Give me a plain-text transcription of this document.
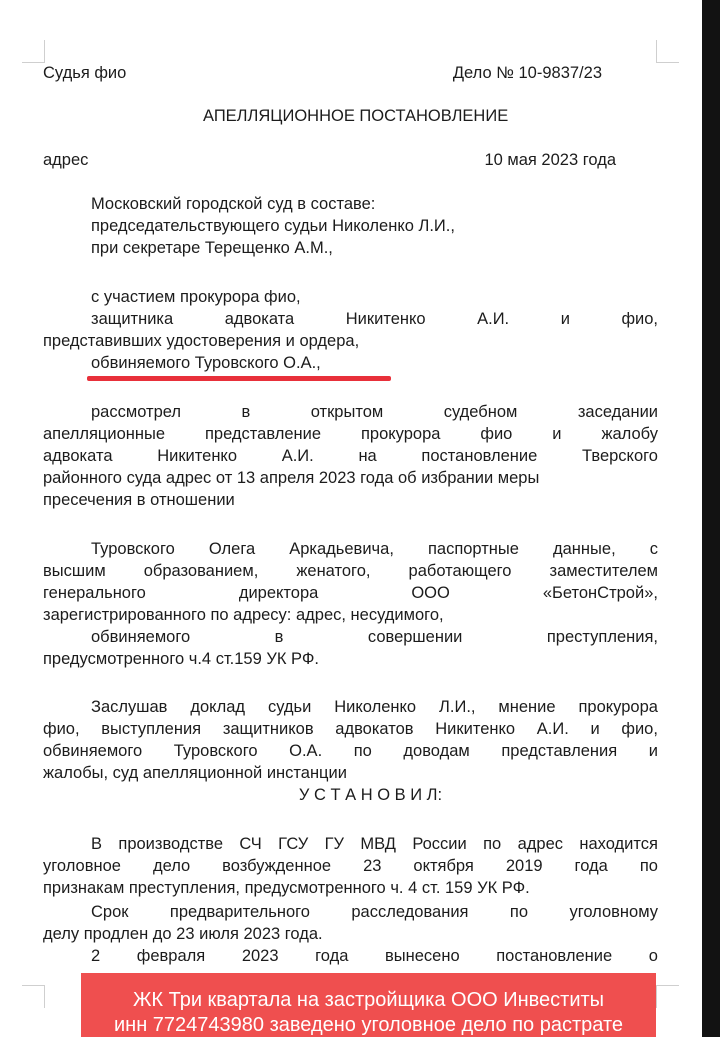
Судья фио	Дело № 10-9837/23
АПЕЛЛЯЦИОННОЕ ПОСТАНОВЛЕНИЕ
адрес	10 мая 2023 года
Московский городской суд в составе:
председательствующего судьи Николенко Л.И.,
при секретаре Терещенко А.М.,
с участием прокурора фио,
защитника	адвоката	Никитенко	А.И.	и	фио,
представивших удостоверения и ордера,
обвиняемого Туровского О.А.,
рассмотрел	в	открытом	судебном	заседании
апелляционные представление прокурора фио и жалобу
адвоката	Никитенко	А.И.	на	постановление	Тверского
районного суда адрес от 13 апреля 2023 года об избрании меры
пресечения в отношении
Туровского Олега Аркадьевича, паспортные данные, с
высшим образованием, женатого, работающего заместителем
генерального	директора	ООО	«БетонСтрой»,
зарегистрированного по адресу: адрес, несудимого,
обвиняемого	в	совершении	преступления,
предусмотренного ч.4 ст.159 УК РФ.
Заслушав доклад судьи Николенко Л.И., мнение прокурора
фио, выступления защитников адвокатов Никитенко А.И. и фио,
обвиняемого Туровского О.А. по доводам представления и
жалобы, суд апелляционной инстанции
У С Т А Н О В И Л:
В производстве СЧ ГСУ ГУ МВД России по адрес находится
уголовное дело возбужденное 23 октября 2019 года по
признакам преступления, предусмотренного ч. 4 ст. 159 УК РФ.
Срок	предварительного	расследования	по	уголовному
делу продлен до 23 июля 2023 года.
2 февраля 2023 года вынесено постановление о
ЖК Три квартала на застройщика ООО Инвеститы
инн 7724743980 заведено уголовное дело по растрате
